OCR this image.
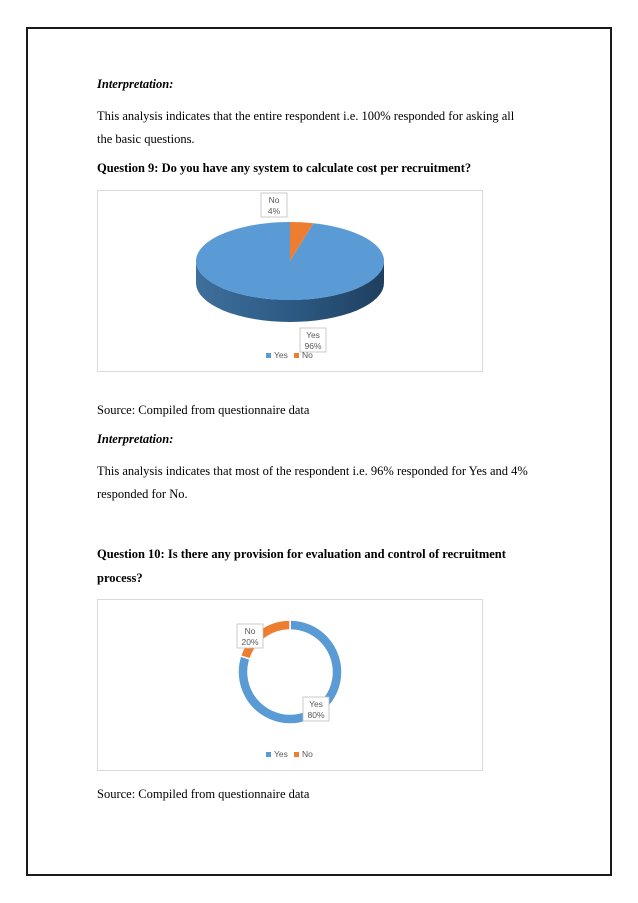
Interpretation:
This analysis indicates that the entire respondent i.e. 100% responded for asking all
the basic questions.
Question 9: Do you have any system to calculate cost per recruitment?
No
4%
Yes
96%
Yes No
Source: Compiled from questionnaire data
Interpretation:
This analysis indicates that most of the respondent i.e. 96% responded for Yes and 4%
responded for No.
Question 10: Is there any provision for evaluation and control of recruitment
process?
No
20%
Yes
80%
Yes No
Source: Compiled from questionnaire data
